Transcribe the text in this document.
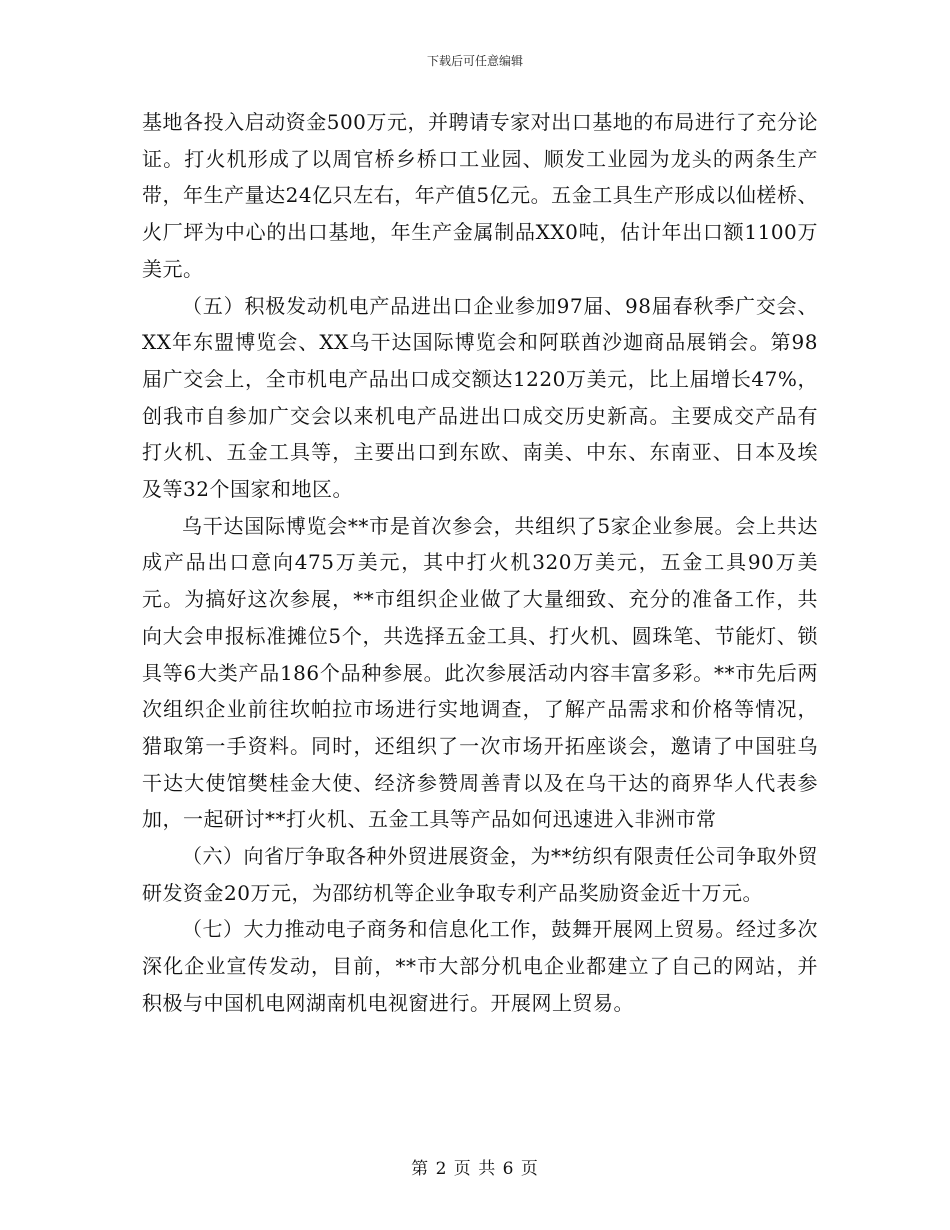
下载后可任意编辑

基地各投入启动资金500万元，并聘请专家对出口基地的布局进行了充分论证。打火机形成了以周官桥乡桥口工业园、顺发工业园为龙头的两条生产带，年生产量达24亿只左右，年产值5亿元。五金工具生产形成以仙槎桥、火厂坪为中心的出口基地，年生产金属制品XX0吨，估计年出口额1100万美元。

（五）积极发动机电产品进出口企业参加97届、98届春秋季广交会、XX年东盟博览会、XX乌干达国际博览会和阿联酋沙迦商品展销会。第98届广交会上，全市机电产品出口成交额达1220万美元，比上届增长47%，创我市自参加广交会以来机电产品进出口成交历史新高。主要成交产品有打火机、五金工具等，主要出口到东欧、南美、中东、东南亚、日本及埃及等32个国家和地区。

乌干达国际博览会**市是首次参会，共组织了5家企业参展。会上共达成产品出口意向475万美元，其中打火机320万美元，五金工具90万美元。为搞好这次参展，**市组织企业做了大量细致、充分的准备工作，共向大会申报标准摊位5个，共选择五金工具、打火机、圆珠笔、节能灯、锁具等6大类产品186个品种参展。此次参展活动内容丰富多彩。**市先后两次组织企业前往坎帕拉市场进行实地调查，了解产品需求和价格等情况，猎取第一手资料。同时，还组织了一次市场开拓座谈会，邀请了中国驻乌干达大使馆樊桂金大使、经济参赞周善青以及在乌干达的商界华人代表参加，一起研讨**打火机、五金工具等产品如何迅速进入非洲市常

（六）向省厅争取各种外贸进展资金，为**纺织有限责任公司争取外贸研发资金20万元，为邵纺机等企业争取专利产品奖励资金近十万元。

（七）大力推动电子商务和信息化工作，鼓舞开展网上贸易。经过多次深化企业宣传发动，目前，**市大部分机电企业都建立了自己的网站，并积极与中国机电网湖南机电视窗进行。开展网上贸易。

第 2 页 共 6 页
